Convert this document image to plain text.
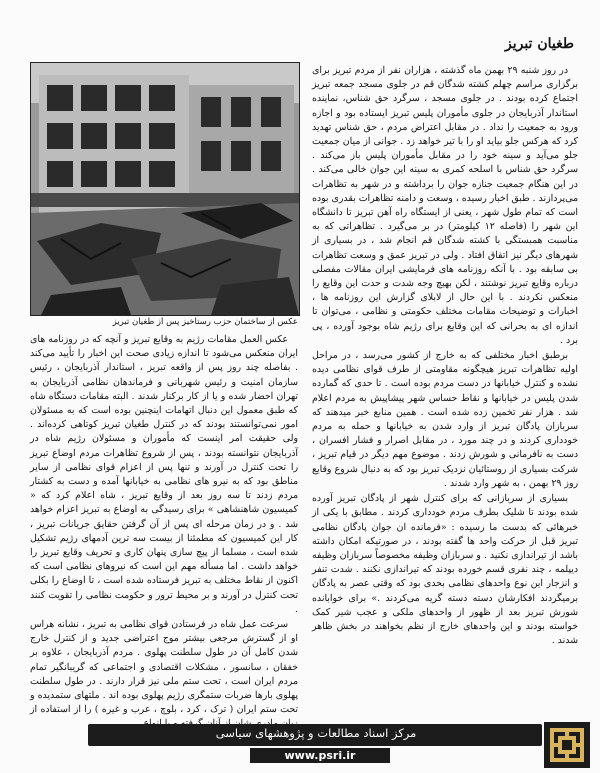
طغیان تبریز
عکس از ساختمان حزب رستاخیز پس از طغیان تبریز

در روز شنبه ۲۹ بهمن ماه گذشته ، هزاران نفر از مردم تبریز برای برگزاری مراسم چهلم کشته شدگان قم در جلوی مسجد جمعه تبریز اجتماع کرده بودند . در جلوی مسجد ، سرگرد حق شناس، نماینده استاندار آذربایجان در جلوی مأموران پلیس تبریز ایستاده بود و اجازه ورود به جمعیت را نداد . در مقابل اعتراض مردم ، حق شناس تهدید کرد که هرکس جلو بیاید او را با تیر خواهد زد . جوانی از میان جمعیت جلو می‌آید و سینه خود را در مقابل مأموران پلیس باز می‌کند . سرگرد حق شناس با اسلحه کمری به سینه این جوان خالی می‌کند . در این هنگام جمعیت جنازه جوان را برداشته و در شهر به تظاهرات می‌پردازند . طبق اخبار رسیده ، وسعت و دامنه تظاهرات بقدری بوده است که تمام طول شهر ، یعنی از ایستگاه راه آهن تبریز تا دانشگاه این شهر را (فاصله ۱۲ کیلومتر) در بر می‌گیرد . تظاهراتی که به مناسبت همبستگی با کشته شدگان قم انجام شد ، در بسیاری از شهرهای دیگر نیز اتفاق افتاد . ولی در تبریز عمق و وسعت تظاهرات بی سابقه بود . با آنکه روزنامه های فرمایشی ایران مقالات مفصلی درباره وقایع تبریز نوشتند ، لکن بهیچ وجه شدت و حدت این وقایع را منعکس نکردند . با این حال از لابلای گزارش این روزنامه ها ، اخبارات و توضیحات مقامات مختلف حکومتی و نظامی ، می‌توان تا اندازه ای به بحرانی که این وقایع برای رژیم شاه بوجود آورده ، پی برد .

برطبق اخبار مختلفی که به خارج از کشور می‌رسد ، در مراحل اولیه تظاهرات تبریز هیچگونه مقاومتی از طرف قوای نظامی دیده نشده و کنترل خیابانها در دست مردم بوده است . تا حدی که گمارده شدن پلیس در خیابانها و نقاط حساس شهر پیشاپیش به مردم اعلام شد . هزار نفر تخمین زده شده است . همین منابع خبر میدهند که سربازان پادگان تبریز از وارد شدن به خیابانها و حمله به مردم خودداری کردند و در چند مورد ، در مقابل اصرار و فشار افسران ، دست به نافرمانی و شورش زدند . موضوع مهم دیگر در قیام تبریز ، شرکت بسیاری از روستائیان نزدیک تبریز بود که به دنبال شروع وقایع روز ۲۹ بهمن ، به شهر وارد شدند .

بسیاری از سربازانی که برای کنترل شهر از پادگان تبریز آورده شده بودند تا شلیک بطرف مردم خودداری کردند . مطابق با یکی از خبرهائی که بدست ما رسیده : «فرمانده ان جوان پادگان نظامی تبریز قبل از حرکت واحد ها گفته بودند ، در صورتیکه امکان داشته باشد از تیراندازی نکنید . و سربازان وظیفه مخصوصاً سربازان وظیفه دیپلمه ، چند نفری قسم خورده بودند که تیراندازی نکنند . شدت تنفر و انزجار این نوع واحدهای نظامی بحدی بود که وقتی عصر به پادگان برمیگردند افکارشان دسته دسته گریه می‌کردند .» برای خوابانده شورش تبریز بعد از ظهور از واحدهای ملکی و عجب شیر کمک خواسته بودند و این واحدهای خارج از نظم بخواهند در بخش ظاهر شدند .

عکس العمل مقامات رژیم به وقایع تبریز و آنچه که در روزنامه های ایران منعکس می‌شود تا اندازه زیادی صحت این اخبار را تأیید می‌کند . بفاصله چند روز پس از واقعه تبریز ، استاندار آذربایجان ، رئیس سازمان امنیت و رئیس شهربانی و فرماندهان نظامی آذربایجان به تهران احضار شده و یا از کار برکنار شدند . البته مقامات دستگاه شاه که طبق معمول این دنبال اتهامات اینچنین بوده است که به مسئولان امور نمی‌توانستند بودند که در کنترل طغیان تبریز کوتاهی کرده‌اند . ولی حقیقت امر اینست که مأموران و مسئولان رژیم شاه در آذربایجان نتوانسته بودند ، پس از شروع تظاهرات مردم اوضاع تبریز را تحت کنترل در آورند و تنها پس از اعزام قوای نظامی از سایر مناطق بود که به نیرو های نظامی به خیابانها آمده و دست به کشتار مردم زدند تا سه روز بعد از وقایع تبریز ، شاه اعلام کرد که « کمیسیون شاهنشاهی » برای رسیدگی به اوضاع به تبریز اعزام خواهد شد . و در زمان مرحله ای پس از آن گرفتن حقایق جریانات تبریز ، کار این کمیسیون که مطمئنا از بیست سه ترین آدمهای رژیم تشکیل شده است ، مسلما از پیچ سازی پنهان کاری و تحریف وقایع تبریز را خواهد داشت . اما مسأله مهم این است که نیروهای نظامی است که اکنون از نقاط مختلف به تبریز فرستاده شده است ، تا اوضاع را بکلی تحت کنترل در آورند و بر محیط ترور و حکومت نظامی را تقویت کنند .

سرعت عمل شاه در فرستادن قوای نظامی به تبریز ، نشانه هراس او از گسترش مرجعی بیشتر موج اعتراضی جدید و از کنترل خارج شدن کامل آن در طول سلطنت پهلوی . مردم آذربایجان ، علاوه بر خفقان ، سانسور ، مشکلات اقتصادی و اجتماعی که گریبانگیر تمام مردم ایران است ، تحت ستم ملی نیز قرار دارند . در طول سلطنت پهلوی بارها ضربات ستمگری رژیم پهلوی بوده اند . ملتهای ستمدیده و تحت ستم ایران ( ترک ، کرد ، بلوچ ، عرب و غیره ) را از استفاده از

مرکز اسناد مطالعات و پژوهشهای سیاسی
www.psri.ir
